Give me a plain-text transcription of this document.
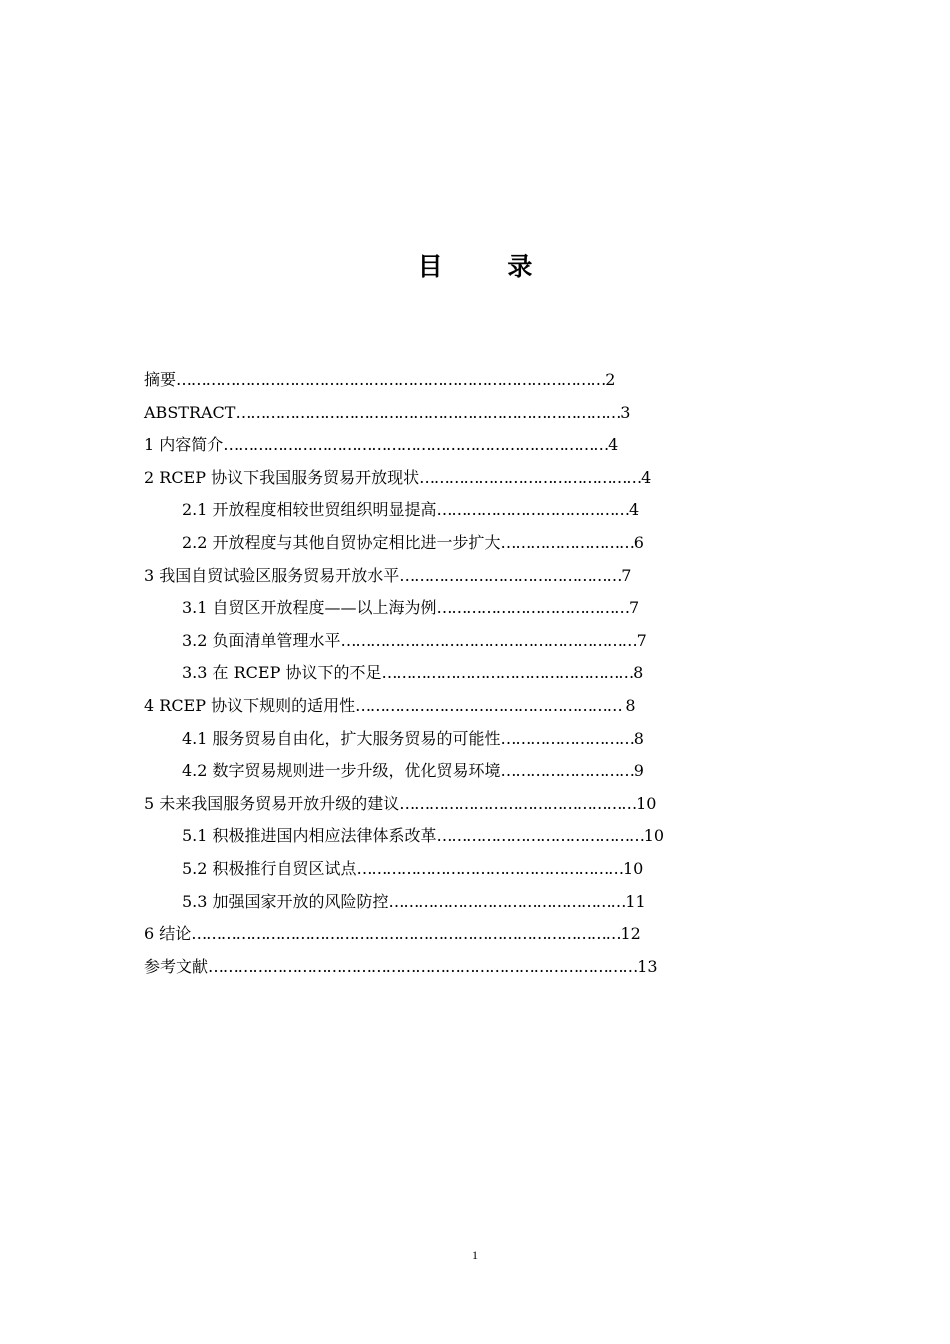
目 录
摘要……………………………………………………………………………2
ABSTRACT……………………………………………………………………3
1 内容简介……………………………………………………………………4
2 RCEP 协议下我国服务贸易开放现状………………………………………4
2.1 开放程度相较世贸组织明显提高…………………………………4
2.2 开放程度与其他自贸协定相比进一步扩大………………………6
3 我国自贸试验区服务贸易开放水平………………………………………7
3.1 自贸区开放程度——以上海为例…………………………………7
3.2 负面清单管理水平……………………………………………………7
3.3 在 RCEP 协议下的不足……………………………………………8
4 RCEP 协议下规则的适用性……………………………………………… 8
4.1 服务贸易自由化，扩大服务贸易的可能性………………………8
4.2 数字贸易规则进一步升级，优化贸易环境………………………9
5 未来我国服务贸易开放升级的建议…………………………………………10
5.1 积极推进国内相应法律体系改革……………………………………10
5.2 积极推行自贸区试点………………………………………………10
5.3 加强国家开放的风险防控…………………………………………11
6 结论……………………………………………………………………………12
参考文献……………………………………………………………………………13
1
